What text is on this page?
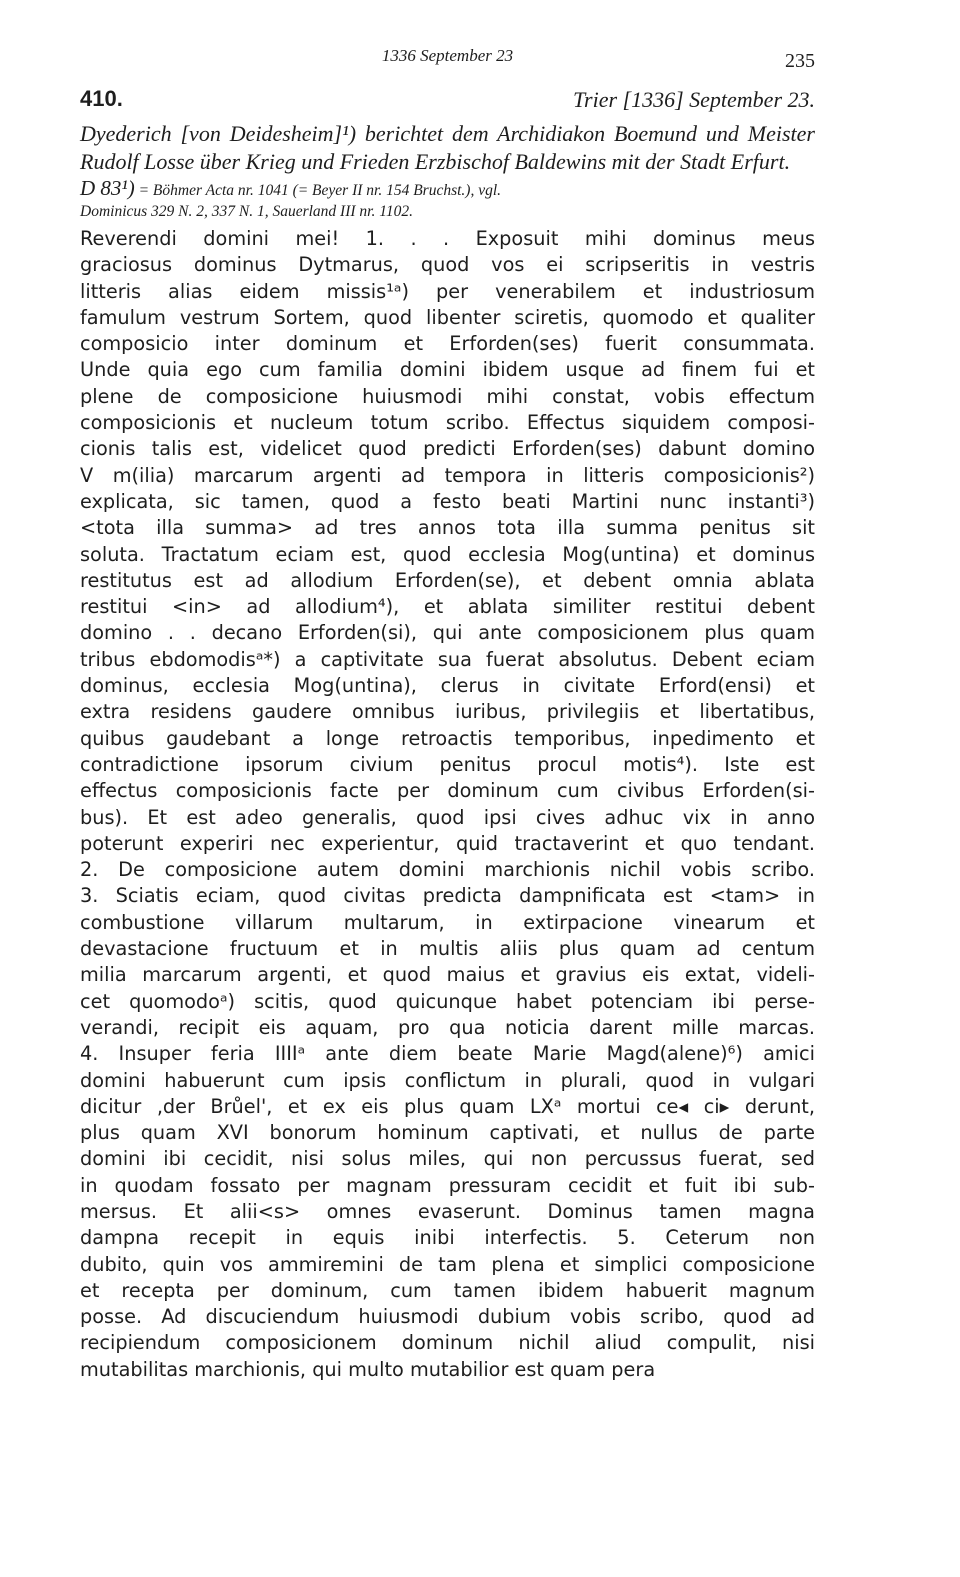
1336 September 23	235
410.	Trier [1336] September 23.
Dyederich [von Deidesheim]¹) berichtet dem Archidiakon Boemund und Meister Rudolf Losse über Krieg und Frieden Erzbischof Baldewins mit der Stadt Erfurt.
D 83¹) = Böhmer Acta nr. 1041 (= Beyer II nr. 154 Bruchst.), vgl.
Dominicus 329 N. 2, 337 N. 1, Sauerland III nr. 1102.
Reverendi domini mei! 1. . . Exposuit mihi dominus meus
graciosus dominus Dytmarus, quod vos ei scripseritis in vestris
litteris alias eidem missis¹ᵃ) per venerabilem et industriosum
famulum vestrum Sortem, quod libenter sciretis, quomodo et qualiter
composicio inter dominum et Erforden(ses) fuerit consummata.
Unde quia ego cum familia domini ibidem usque ad finem fui et
plene de composicione huiusmodi mihi constat, vobis effectum
composicionis et nucleum totum scribo. Effectus siquidem composi-
cionis talis est, videlicet quod predicti Erforden(ses) dabunt domino
V m(ilia) marcarum argenti ad tempora in litteris composicionis²)
explicata, sic tamen, quod a festo beati Martini nunc instanti³)
<tota illa summa> ad tres annos tota illa summa penitus sit
soluta. Tractatum eciam est, quod ecclesia Mog(untina) et dominus
restitutus est ad allodium Erforden(se), et debent omnia ablata
restitui <in> ad allodium⁴), et ablata similiter restitui debent
domino . . decano Erforden(si), qui ante composicionem plus quam
tribus ebdomodisᵃ*) a captivitate sua fuerat absolutus. Debent eciam
dominus, ecclesia Mog(untina), clerus in civitate Erford(ensi) et
extra residens gaudere omnibus iuribus, privilegiis et libertatibus,
quibus gaudebant a longe retroactis temporibus, inpedimento et
contradictione ipsorum civium penitus procul motis⁴). Iste est
effectus composicionis facte per dominum cum civibus Erforden(si-
bus). Et est adeo generalis, quod ipsi cives adhuc vix in anno
poterunt experiri nec experientur, quid tractaverint et quo tendant.
2. De composicione autem domini marchionis nichil vobis scribo.
3. Sciatis eciam, quod civitas predicta dampnificata est <tam> in
combustione villarum multarum, in extirpacione vinearum et
devastacione fructuum et in multis aliis plus quam ad centum
milia marcarum argenti, et quod maius et gravius eis extat, videli-
cet quomodoᵃ) scitis, quod quicunque habet potenciam ibi perse-
verandi, recipit eis aquam, pro qua noticia darent mille marcas.
4. Insuper feria IIIIᵃ ante diem beate Marie Magd(alene)⁶) amici
domini habuerunt cum ipsis conflictum in plurali, quod in vulgari
dicitur ‚der Brůel', et ex eis plus quam LXᵃ mortui ce◂ ci▸ derunt,
plus quam XVI bonorum hominum captivati, et nullus de parte
domini ibi cecidit, nisi solus miles, qui non percussus fuerat, sed
in quodam fossato per magnam pressuram cecidit et fuit ibi sub-
mersus. Et alii<s> omnes evaserunt. Dominus tamen magna
dampna recepit in equis inibi interfectis. 5. Ceterum non
dubito, quin vos ammiremini de tam plena et simplici composicione
et recepta per dominum, cum tamen ibidem habuerit magnum
posse. Ad discuciendum huiusmodi dubium vobis scribo, quod ad
recipiendum composicionem dominum nichil aliud compulit, nisi
mutabilitas marchionis, qui multo mutabilior est quam pera
